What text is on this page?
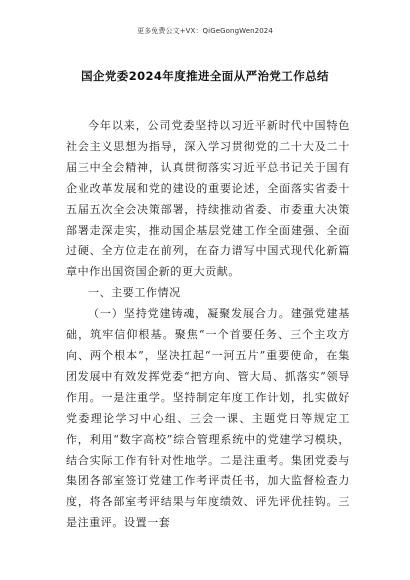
更多免费公文+VX：QiGeGongWen2024
国企党委2024年度推进全面从严治党工作总结

今年以来，公司党委坚持以习近平新时代中国特色社会主义思想为指导，深入学习贯彻党的二十大及二十届三中全会精神，认真贯彻落实习近平总书记关于国有企业改革发展和党的建设的重要论述，全面落实省委十五届五次全会决策部署，持续推动省委、市委重大决策部署走深走实，推动国企基层党建工作全面建强、全面过硬、全方位走在前列，在奋力谱写中国式现代化新篇章中作出国资国企新的更大贡献。

一、主要工作情况

（一）坚持党建铸魂，凝聚发展合力。建强党建基础，筑牢信仰根基。聚焦“一个首要任务、三个主攻方向、两个根本”，坚决扛起“一河五片”重要使命，在集团发展中有效发挥党委“把方向、管大局、抓落实”领导作用。一是注重学。坚持制定年度工作计划，扎实做好党委理论学习中心组、三会一课、主题党日等规定工作，利用“数字高校”综合管理系统中的党建学习模块，结合实际工作有针对性地学。二是注重考。集团党委与集团各部室签订党建工作考评责任书，加大监督检查力度，将各部室考评结果与年度绩效、评先评优挂钩。三是注重评。设置一套
